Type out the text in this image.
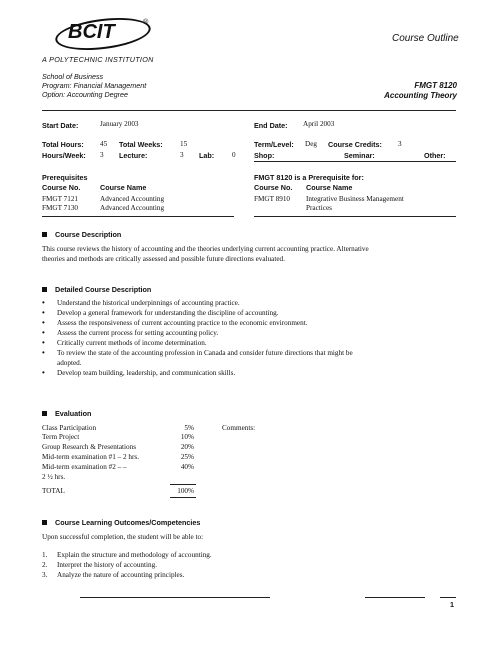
BCIT	®
A POLYTECHNIC INSTITUTION
Course Outline
School of Business
Program: Financial Management
Option: Accounting Degree
FMGT 8120
Accounting Theory
Start Date:	January 2003	End Date: April 2003
Total Hours: 45 Total Weeks: 15	Term/Level: Deg Course Credits: 3
Hours/Week: 3 Lecture:	3 Lab: 0	Shop:	Seminar:	Other:
Prerequisites
Course No.	Course Name
FMGT 7121	Advanced Accounting
FMGT 7130	Advanced Accounting
FMGT 8120 is a Prerequisite for:
Course No. Course Name
FMGT 8910 Integrative Business Management
Practices
Course Description
This course reviews the history of accounting and the theories underlying current accounting practice. Alternative
theories and methods are critically assessed and possible future directions evaluated.
Detailed Course Description
• Understand the historical underpinnings of accounting practice.
• Develop a general framework for understanding the discipline of accounting.
• Assess the responsiveness of current accounting practice to the economic environment.
• Assess the current process for setting accounting policy.
• Critically current methods of income determination.
• To review the state of the accounting profession in Canada and consider future directions that might be
adopted.
• Develop team building, leadership, and communication skills.
Evaluation
Comments:
Class Participation	5%
Term Project	10%
Group Research & Presentations	20%
Mid-term examination #1 – 2 hrs.	25%
Mid-term examination #2 – –	40%
2 ½ hrs.
TOTAL	100%
Course Learning Outcomes/Competencies
Upon successful completion, the student will be able to:
1. Explain the structure and methodology of accounting.
2. Interpret the history of accounting.
3. Analyze the nature of accounting principles.
1
